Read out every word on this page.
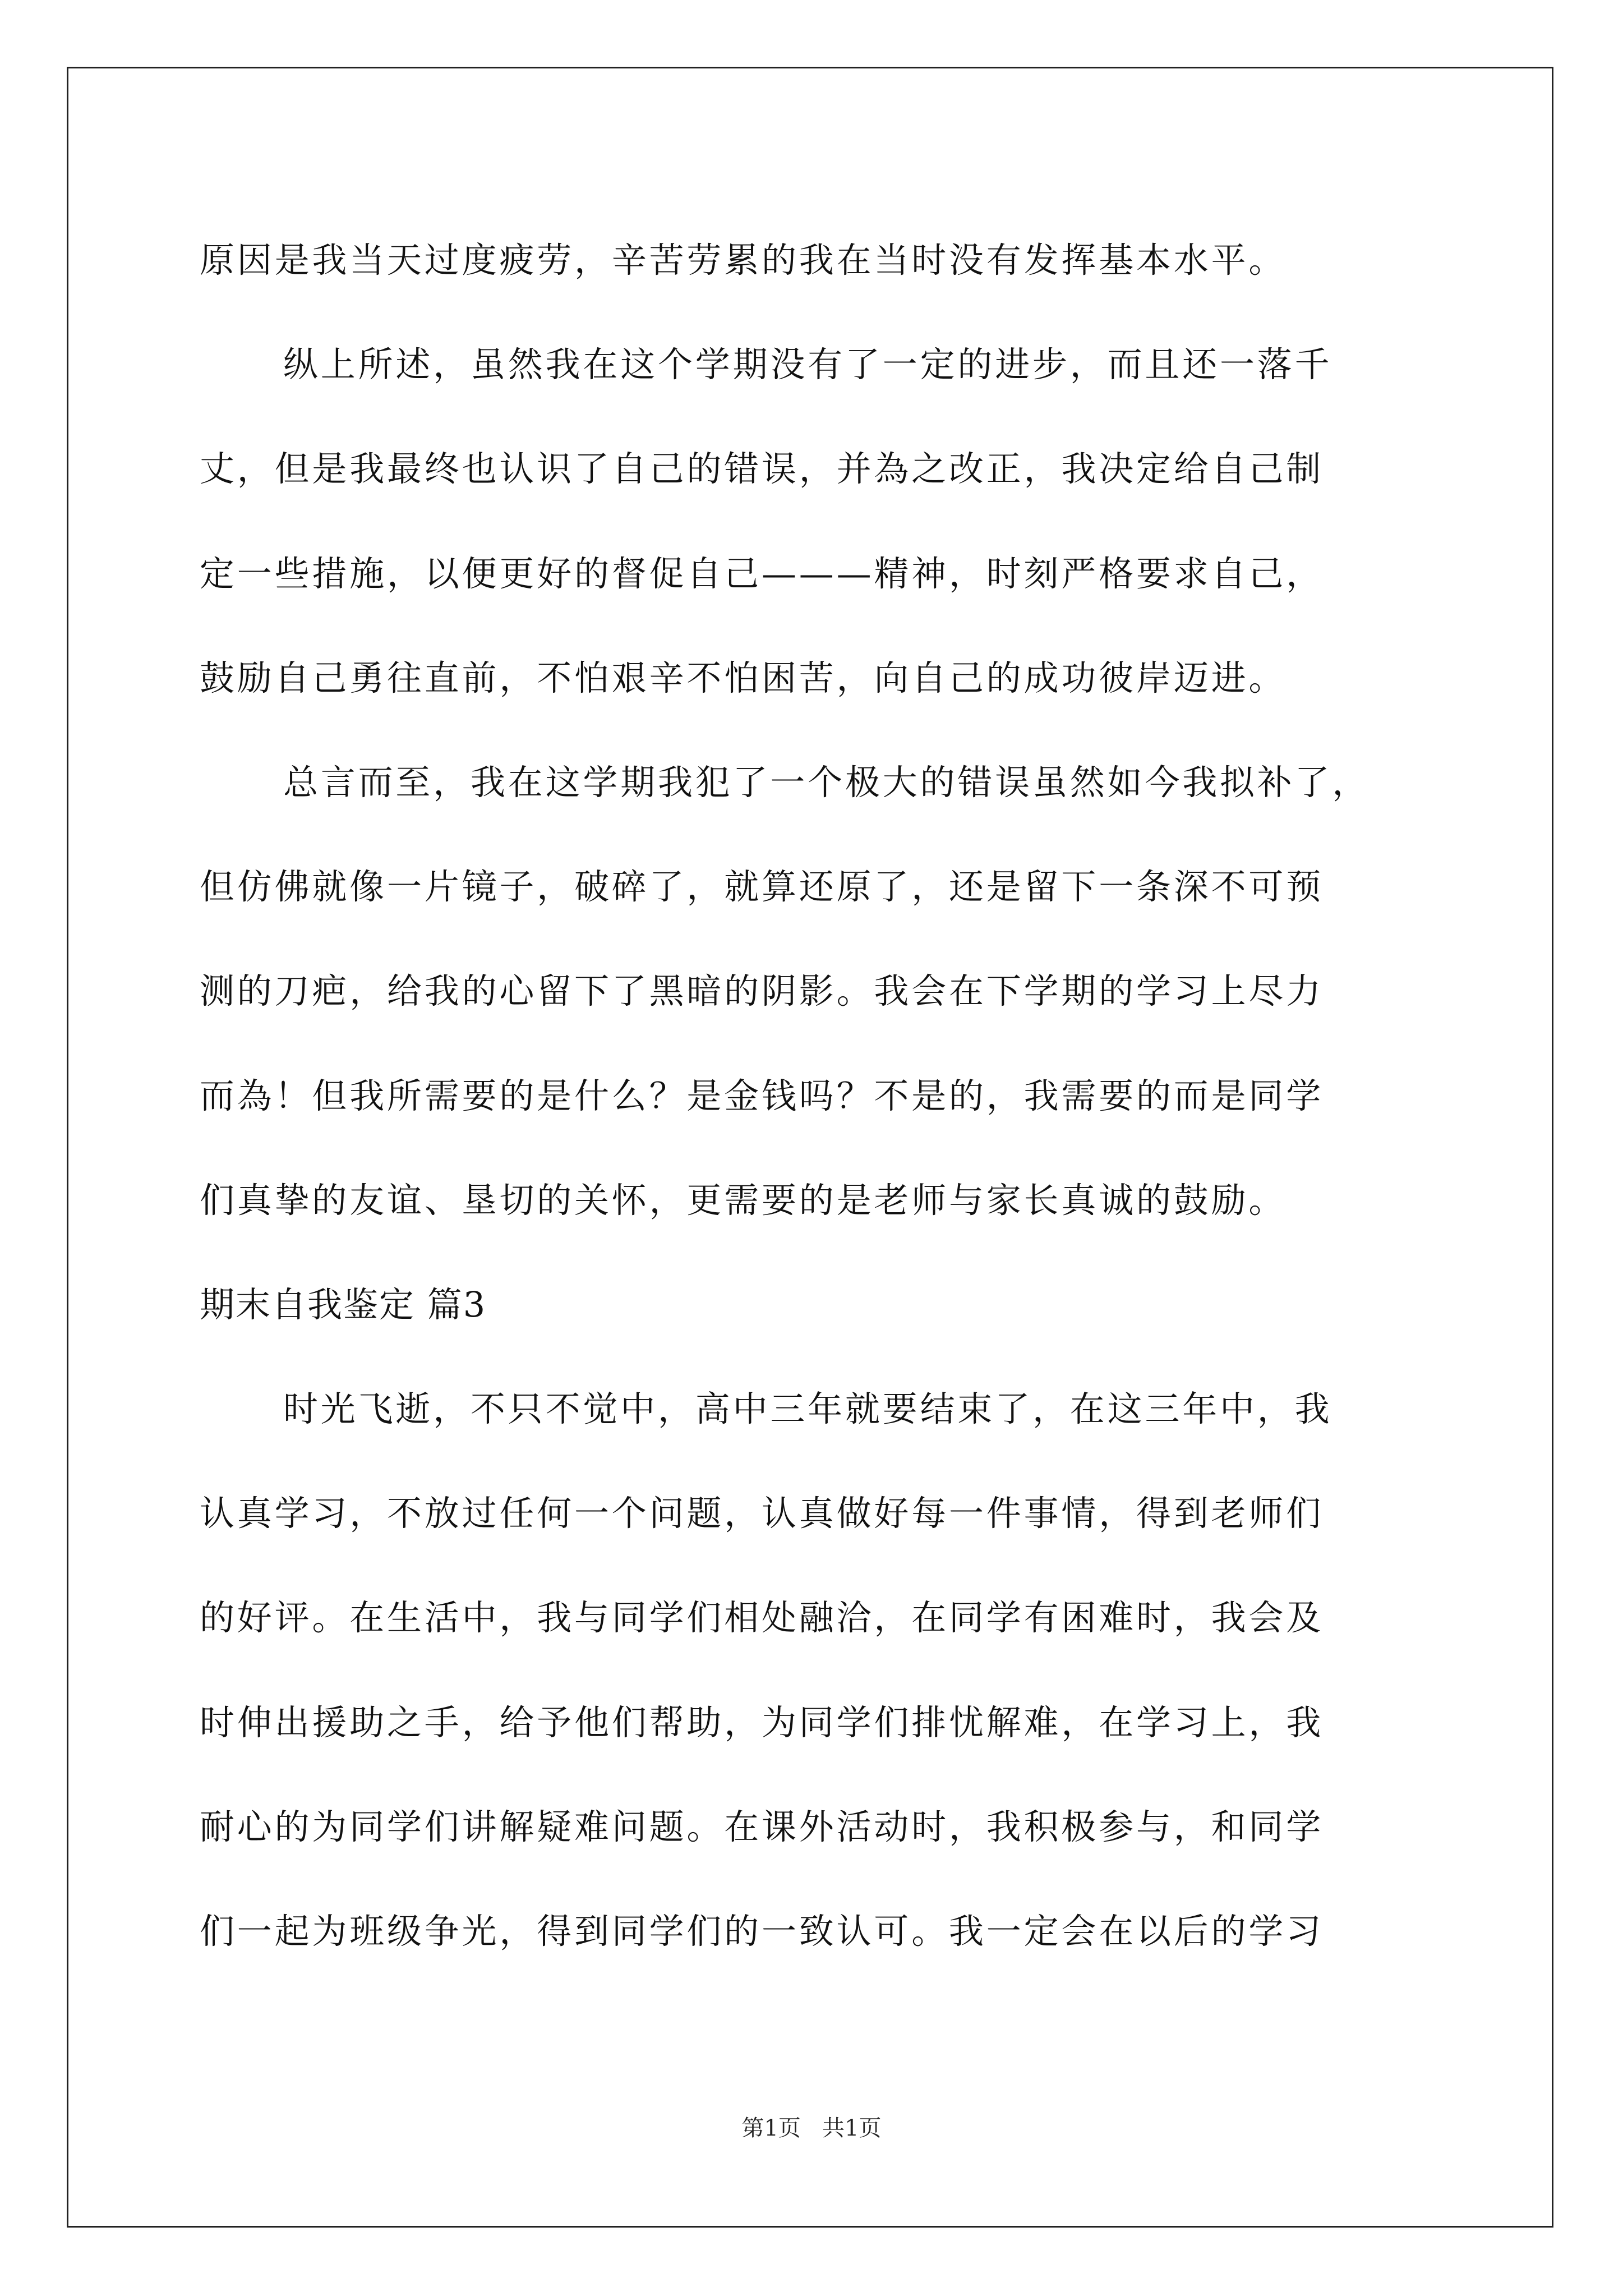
原因是我当天过度疲劳，辛苦劳累的我在当时没有发挥基本水平。
纵上所述，虽然我在这个学期没有了一定的进步，而且还一落千
丈，但是我最终也认识了自己的错误，并為之改正，我决定给自己制
定一些措施，以便更好的督促自己———精神，时刻严格要求自己，
鼓励自己勇往直前，不怕艰辛不怕困苦，向自己的成功彼岸迈进。
总言而至，我在这学期我犯了一个极大的错误虽然如今我拟补了，
但仿佛就像一片镜子，破碎了，就算还原了，还是留下一条深不可预
测的刀疤，给我的心留下了黑暗的阴影。我会在下学期的学习上尽力
而為！但我所需要的是什么？是金钱吗？不是的，我需要的而是同学
们真挚的友谊、垦切的关怀，更需要的是老师与家长真诚的鼓励。
期末自我鉴定 篇3
时光飞逝，不只不觉中，高中三年就要结束了，在这三年中，我
认真学习，不放过任何一个问题，认真做好每一件事情，得到老师们
的好评。在生活中，我与同学们相处融洽，在同学有困难时，我会及
时伸出援助之手，给予他们帮助，为同学们排忧解难，在学习上，我
耐心的为同学们讲解疑难问题。在课外活动时，我积极参与，和同学
们一起为班级争光，得到同学们的一致认可。我一定会在以后的学习
第1页   共1页
